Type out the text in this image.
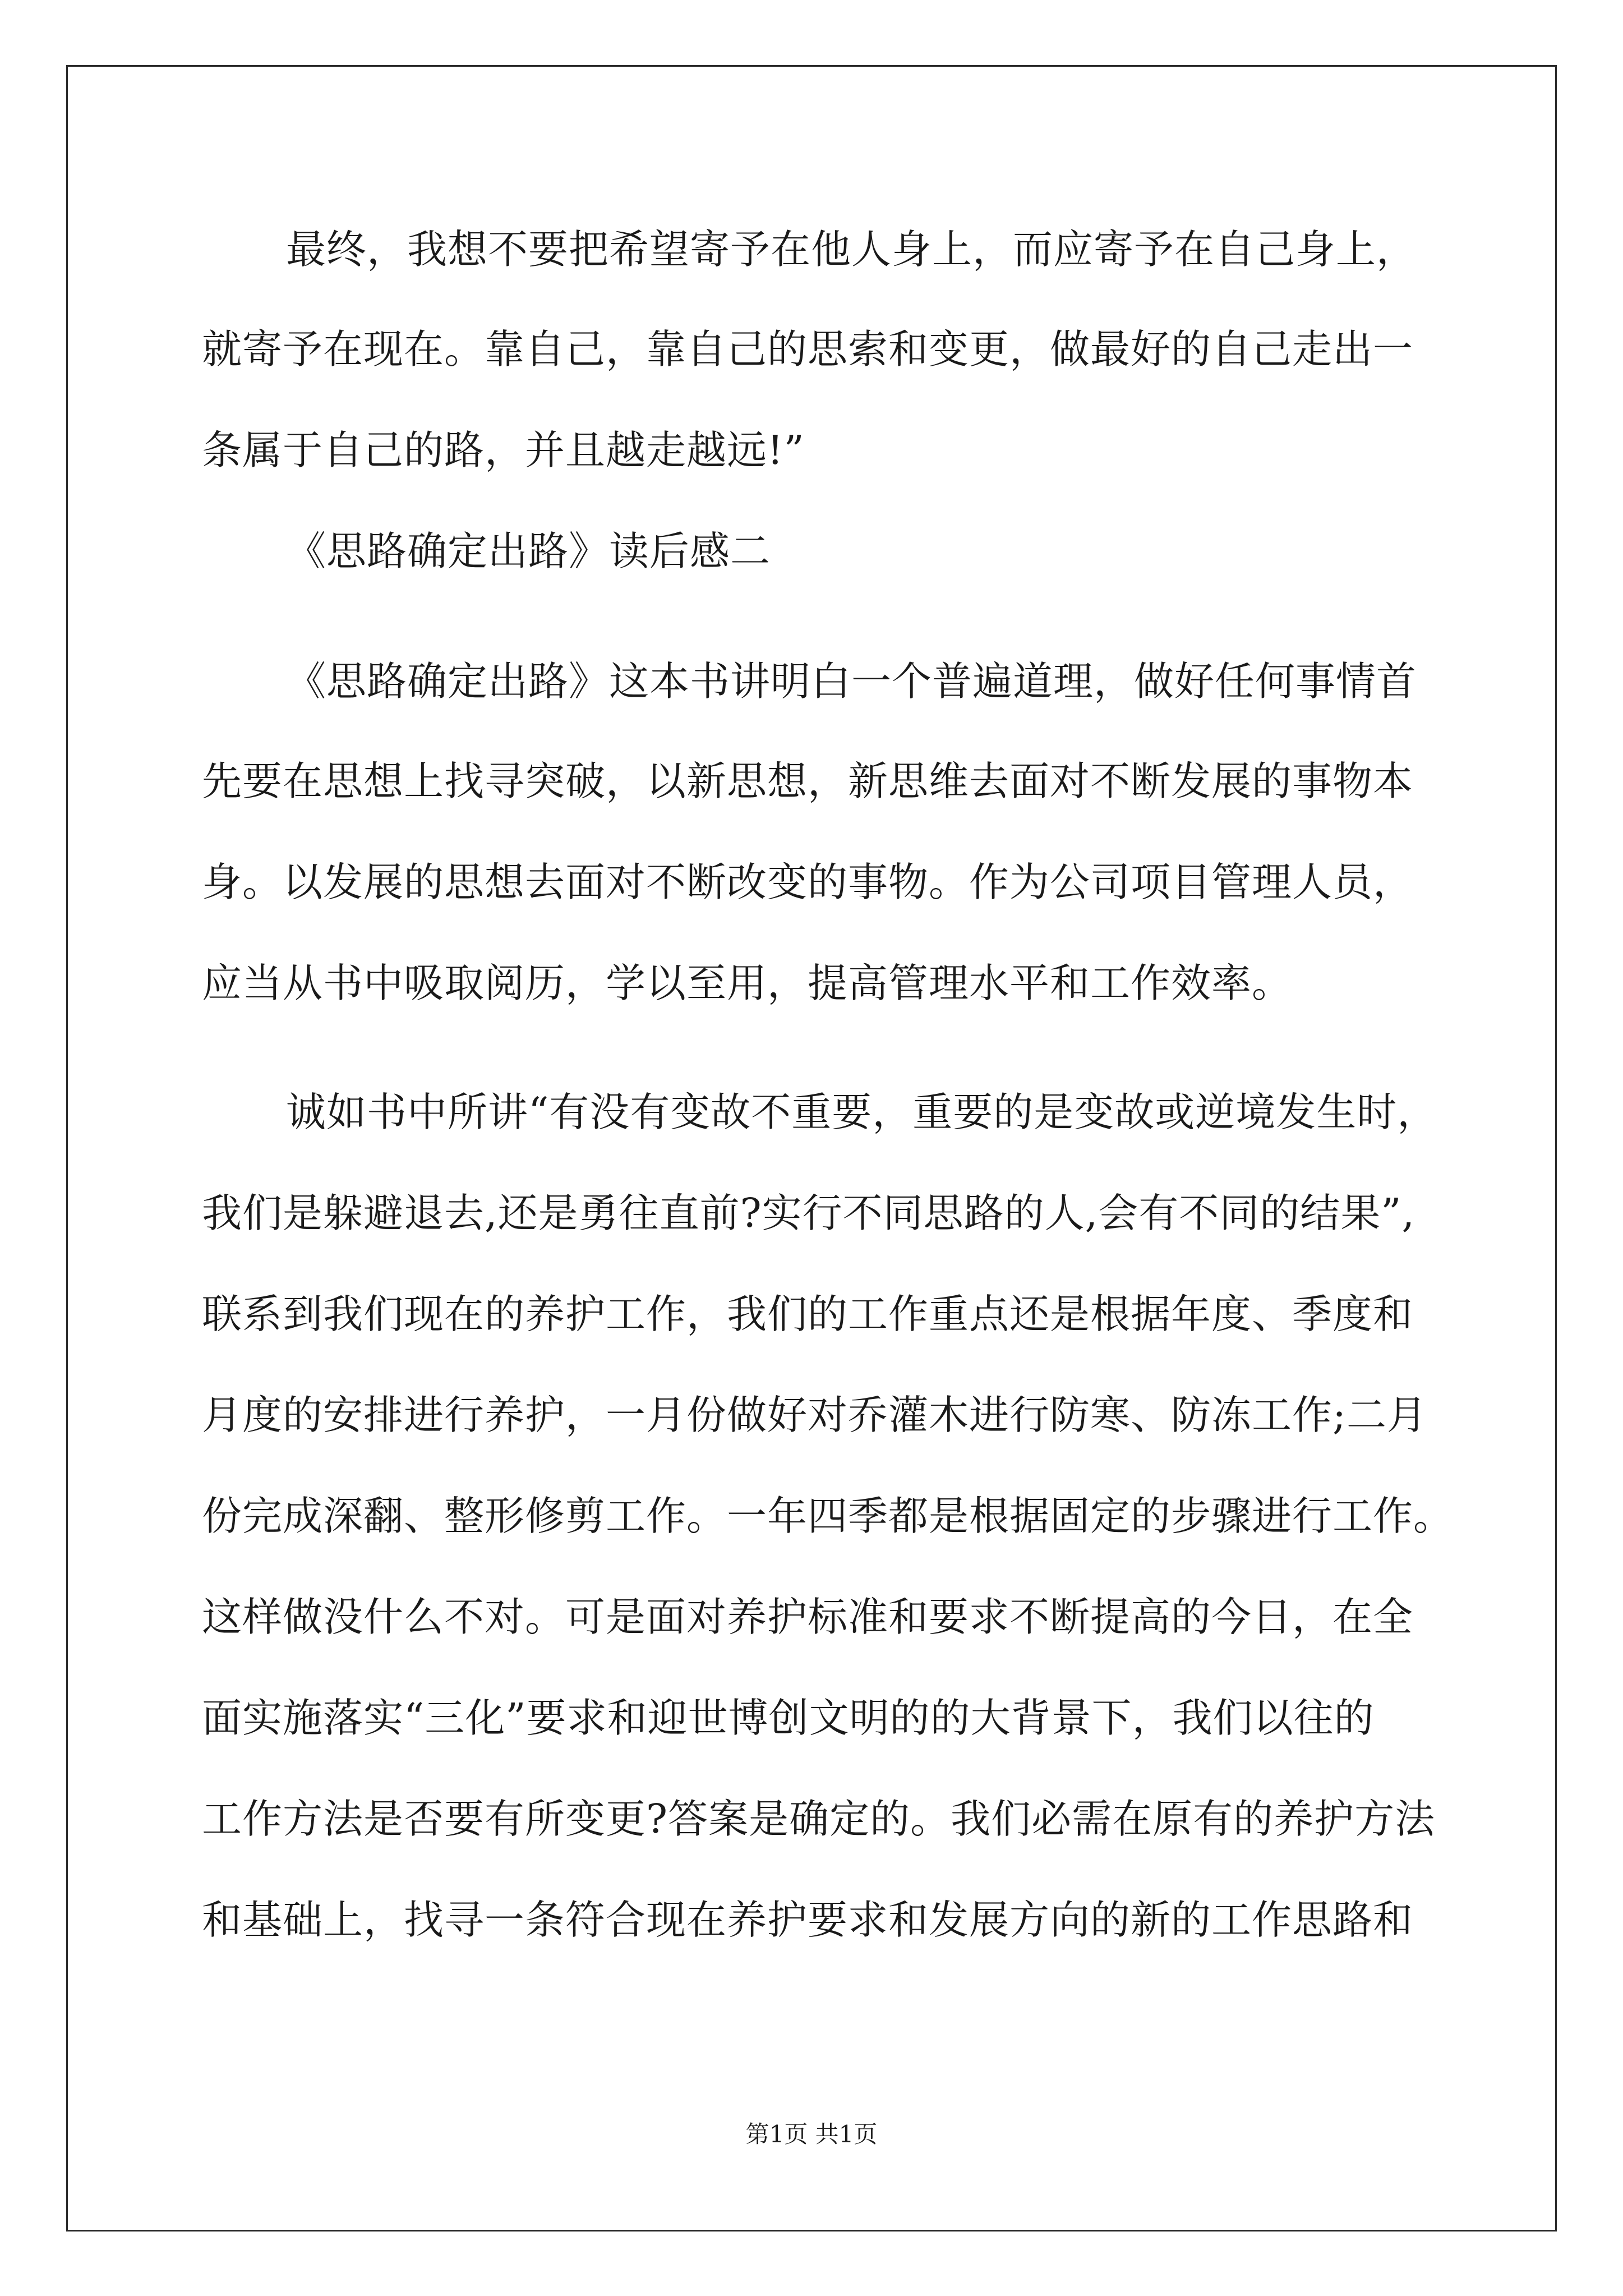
最终，我想不要把希望寄予在他人身上，而应寄予在自己身上，
就寄予在现在。靠自己，靠自己的思索和变更，做最好的自己走出一
条属于自己的路，并且越走越远!”
《思路确定出路》读后感二
《思路确定出路》这本书讲明白一个普遍道理，做好任何事情首
先要在思想上找寻突破，以新思想，新思维去面对不断发展的事物本
身。以发展的思想去面对不断改变的事物。作为公司项目管理人员，
应当从书中吸取阅历，学以至用，提高管理水平和工作效率。
诚如书中所讲“有没有变故不重要，重要的是变故或逆境发生时，
我们是躲避退去,还是勇往直前?实行不同思路的人,会有不同的结果”,
联系到我们现在的养护工作，我们的工作重点还是根据年度、季度和
月度的安排进行养护，一月份做好对乔灌木进行防寒、防冻工作;二月
份完成深翻、整形修剪工作。一年四季都是根据固定的步骤进行工作。
这样做没什么不对。可是面对养护标准和要求不断提高的今日，在全
面实施落实“三化”要求和迎世博创文明的的大背景下，我们以往的
工作方法是否要有所变更?答案是确定的。我们必需在原有的养护方法
和基础上，找寻一条符合现在养护要求和发展方向的新的工作思路和
第1页 共1页
